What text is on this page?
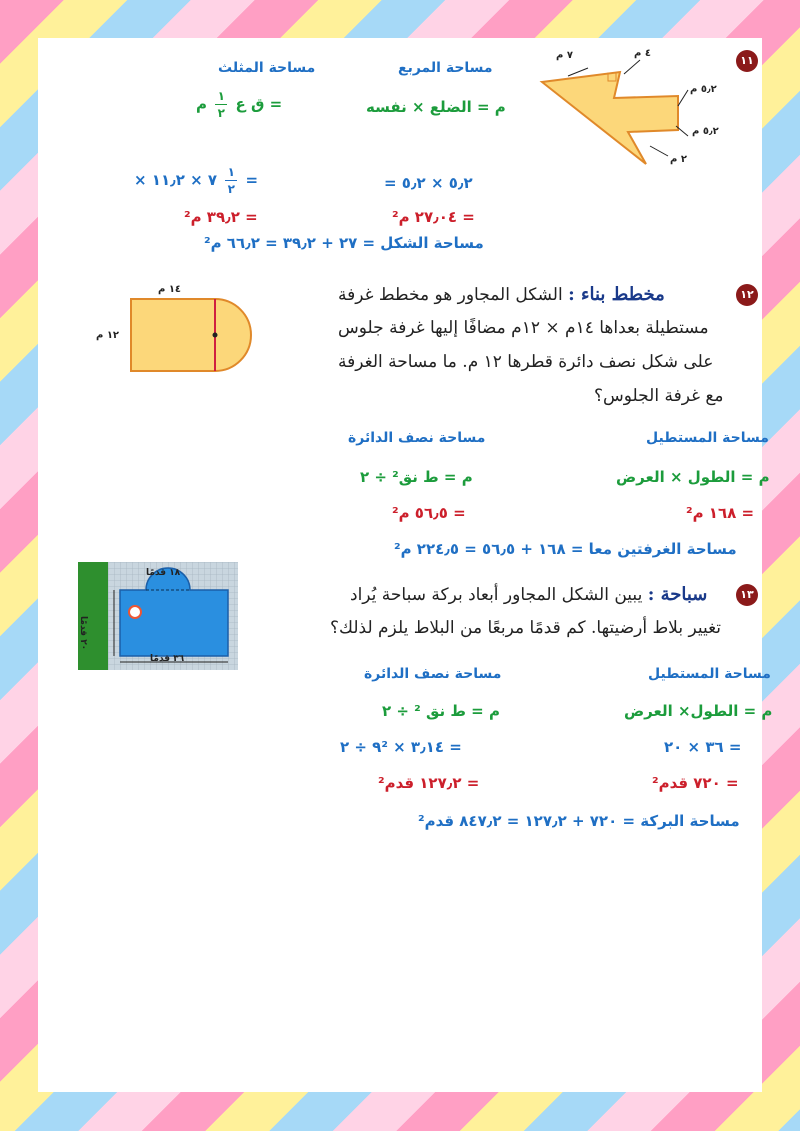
١١
٧ م	٤ م
٥٫٢ م
٥٫٢ م
٢ م
مساحة المربع
مساحة المثلث
م = الضلع × نفسه
ق ع
$\frac{١}{٢}$
م =
= ٥٫٢ × ٥٫٢
× ٧ × ١١٫٢ $\frac{١}{٢}$ =
= ٢٧٫٠٤ م²
= ٣٩٫٢ م²
مساحة الشكل = ٢٧ + ٣٩٫٢ = ٦٦٫٢ م²
١٢
مخطط بناء : الشكل المجاور هو مخطط غرفة
مستطيلة بعداها ١٤م × ١٢م مضافًا إليها غرفة جلوس
على شكل نصف دائرة قطرها ١٢ م. ما مساحة الغرفة
مع غرفة الجلوس؟
١٤ م
١٢ م
مساحة المستطيل
مساحة نصف الدائرة
م = الطول × العرض
م = ط نق² ÷ ٢
= ١٦٨ م²
= ٥٦٫٥ م²
مساحة الغرفتين معا = ١٦٨ + ٥٦٫٥ = ٢٢٤٫٥ م²
١٣
سباحة : يبين الشكل المجاور أبعاد بركة سباحة يُراد
تغيير بلاط أرضيتها. كم قدمًا مربعًا من البلاط يلزم لذلك؟
١٨ قدمًا
٢٠ قدمًا
٣٦ قدمًا
مساحة المستطيل
مساحة نصف الدائرة
م = الطول× العرض
م = ط نق ² ÷ ٢
= ٣٦ × ٢٠
= ٣٫١٤ × ٩² ÷ ٢
= ٧٢٠ قدم²
= ١٢٧٫٢ قدم²
مساحة البركة = ٧٢٠ + ١٢٧٫٢ = ٨٤٧٫٢ قدم²
